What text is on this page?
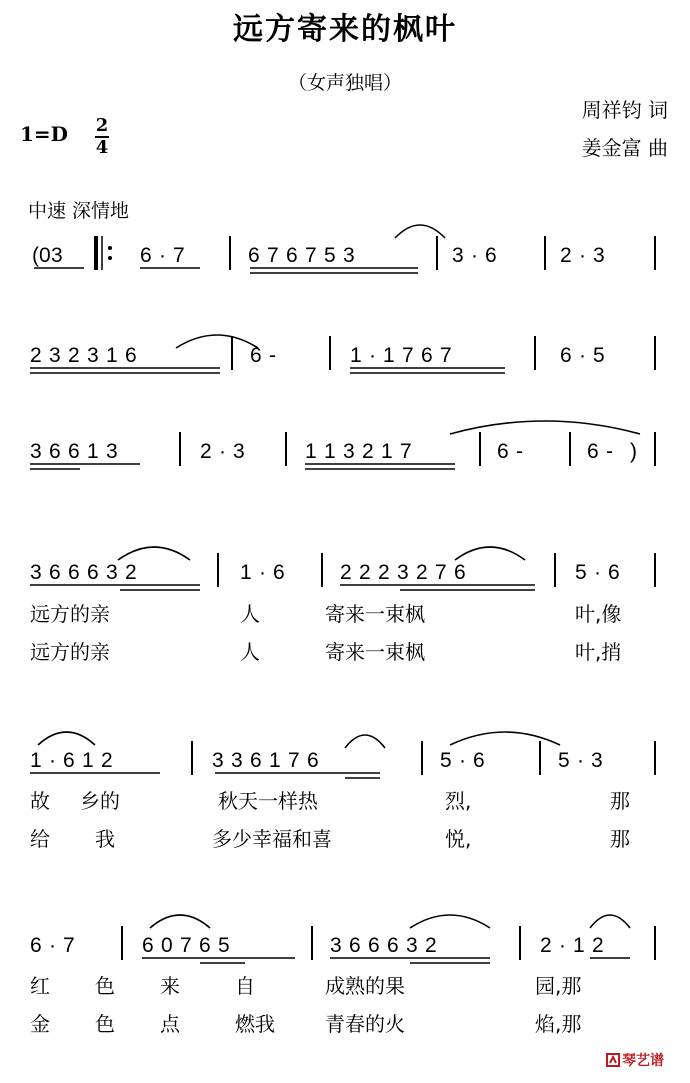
远方寄来的枫叶
（女声独唱）
周祥钧 词
姜金富 曲
1=D 2
4
中速 深情地
(0 3	6 · 7	6 7 6 7 5 3	3 · 6	2 · 3
2 3 2 3 1 6	6 -	1 · 1 7 6 7	6 · 5
3 6 6 1 3	2 · 3	1 1 3 2 1 7	6 -	6 - )
3 6 6 6 3 2	1 · 6	2 2 2 3 2 7 6	5 · 6
1 · 6 1 2	3 3 6 1 7 6	5 · 6	5 · 3
6 · 7	6 0 7 6 5	3 6 6 6 3 2	2 · 1 2
远方的亲	人	寄来一束枫	叶,像
远方的亲	人	寄来一束枫	叶,捎
故 乡的	秋天一样热	烈,	那
给 我	多少幸福和喜	悦,	那
红 色 来	自	成熟的果	园,那
金 色 点	燃我	青春的火	焰,那
琴艺谱
